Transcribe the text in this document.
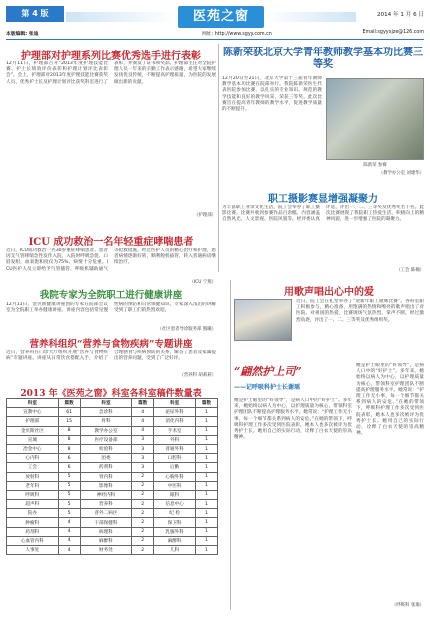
第 4 版	医苑之窗	2014 年 1 月 6 日
本版编辑: 张迪	网址: http://www.sgyy.com.cn	Email:sgyyxjze@126.com
护理部对护理系列比赛优秀选手进行表彰
12月11日，护理部召开“2013年度护理技能比赛、护士长绩效评价表彰和护理计划评比表彰会”。会上，护理部对2013年度护理技能比赛获奖人员、优秀护士长及护理计划评比获奖科室进行了表彰，并颁发了证书和奖品。护理部主任对全院护理人员一年来的辛勤工作表示感谢，希望大家继续发扬优良传统，不断提高护理质量，为医院的发展做出新的贡献。
（护理部）
ICU 成功救治一名年轻重症哮喘患者
近日，ICU成功救治一名30岁重症哮喘患者。患者因支气管哮喘急性发作入院，入院时呼吸急促、口唇发绀，血氧饱和度仅为75%，病情十分危重。ICU医护人员立即给予气管插管、呼吸机辅助通气等抢救措施，经过医护人员的精心治疗和护理，患者病情逐渐好转，顺利脱机拔管，转入普通病房继续治疗。
（ICU 宁燕）
我院专家为全院职工进行健康讲座
12月11日，金贝斯健康讲座团的专家在院部会议室为全院职工举办健康讲座。讲座内容包括常见慢性病的预防和日常保健知识，专家深入浅出的讲解受到了职工们的热烈欢迎。
（社区患者导诊服务部 熊曦）
营养科组织“营养与食物疾病”专题讲座
近日，营养科在门诊大厅组织开展“营养与食物疾病”专题讲座。讲座从日常饮食搭配入手，介绍了合理膳食与疾病预防的关系，解答了患者及家属提出的营养问题，受到了广泛好评。
（营养科 胡莉莉）
2013 年《医苑之窗》科室各科室稿件数量表
科室	篇数	科室	篇数	科室	篇数
宣教中心	61	急诊科	4	泌尿外科	1
护理部	15	骨科	4	消化内科	1
金贝斯社区	8	教学办公室	4	手术室	1
宣城	8	医疗设备部	3	外科	1
冶金中心	8	检验科	3	普通外科	1
心内科	6	团委	3	口腔科	1
工会	6	药剂科	3	后勤	1
放射科	5	肾内科	2	心胸外科	1
老年科	5	影像科	2	中医科	1
呼吸科	5	神经内科	2	眼科	1
超声科	5	营养科	2	信息中心	1
院办	5	普外二病区	2	纪 检	1
肿瘤科	4	干部保健科	2	保卫科	1
药剂科	4	病理科	2	乳腺外科	1
心血管内科	4	麻醉科	2	麻醉科	1
人事处	4	财务处	2	儿科	1
陈新荣获北京大学青年教师教学基本功比赛三等奖
12月20日至21日，北京大学第十三届青年教师教学基本功比赛在院部举行。我院陈新荣医生代表医院参加比赛，以扎实的专业知识、规范的教学技能和良好的教学风采，荣获三等奖。此次比赛旨在提高青年教师的教学水平，促进教学质量的不断提升。
陈新荣 参赛
（教学办公室 刘建华）
职工摄影赛显增强凝聚力
为丰富职工业余文化生活，院工会举办了职工摄影比赛。比赛共收到参赛作品百余幅，内容涵盖自然风光、人文景观、医院风貌等。经评委认真评选，评出一、二、三等奖及优秀奖若干名。此次比赛展现了我院职工热爱生活、积极向上的精神风貌，进一步增强了医院的凝聚力。
（工会 陈楠）
用歌声唱出心中的爱
近日，院工会在礼堂举办了“迎新年职工歌咏比赛”。各科室职工积极参与，精心准备，用饱满的热情和嘹亮的歌声唱出了对医院、对祖国的热爱。比赛现场气氛热烈，掌声不断。经过激烈角逐，评出了一、二、三等奖及优秀组织奖。
“翩然护上司”
——记呼吸科护士长谢瑶
她是护士眼里的“好领导”，是病人口中的“好护士”。多年来，她始终以病人为中心，以护理质量为核心，带领科室护理团队不断提高护理服务水平。她常说：“护理工作无小事，每一个细节都关系到病人的安危。”在她的带领下，呼吸科护理工作多次受到医院表彰，她本人也多次被评为优秀护士长。她用自己的实际行动，诠释了白衣天使的崇高精神。
她是护士眼里的“好领导”，是病人口中的“好护士”。多年来，她始终以病人为中心，以护理质量为核心，带领科室护理团队不断提高护理服务水平。她常说：“护理工作无小事，每一个细节都关系到病人的安危。”在她的带领下，呼吸科护理工作多次受到医院表彰，她本人也多次被评为优秀护士长。她用自己的实际行动，诠释了白衣天使的崇高精神。
（呼吸科 张瑜）
